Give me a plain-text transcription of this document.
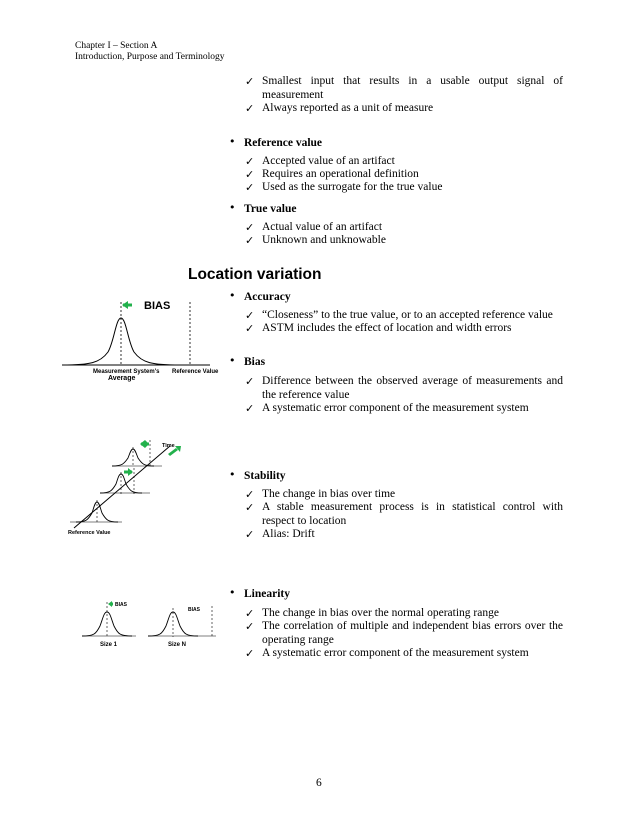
Chapter I – Section A
Introduction, Purpose and Terminology
✓ Smallest input that results in a usable output signal of measurement
✓ Always reported as a unit of measure
• Reference value
✓ Accepted value of an artifact
✓ Requires an operational definition
✓ Used as the surrogate for the true value
• True value
✓ Actual value of an artifact
✓ Unknown and unknowable
Location variation
• Accuracy
✓ “Closeness” to the true value, or to an accepted reference value
✓ ASTM includes the effect of location and width errors
• Bias
✓ Difference between the observed average of measurements and the reference value
✓ A systematic error component of the measurement system
• Stability
✓ The change in bias over time
✓ A stable measurement process is in statistical control with respect to location
✓ Alias: Drift
• Linearity
✓ The change in bias over the normal operating range
✓ The correlation of multiple and independent bias errors over the operating range
✓ A systematic error component of the measurement system
BIAS
Measurement System's
Average
Reference Value
Time
Reference Value
BIAS
Size 1
BIAS
Size N
6
